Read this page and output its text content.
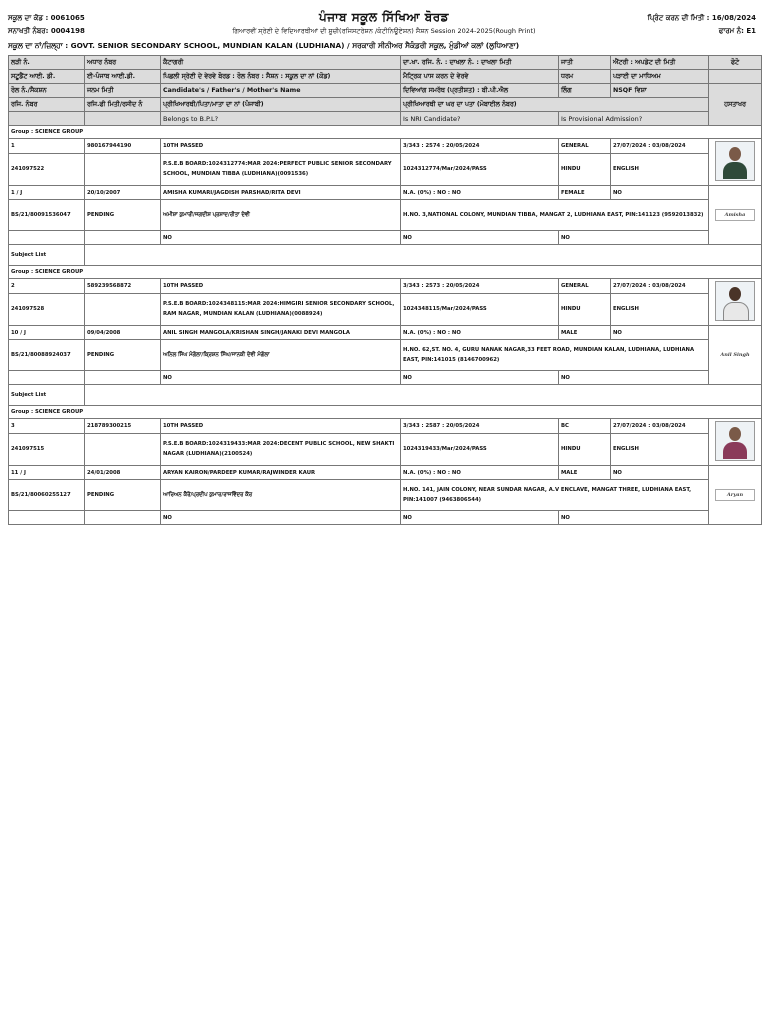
ਸਕੂਲ ਦਾ ਕੋਡ : 0061065
ਸਨਾਖਤੀ ਨੰਬਰ: 0004198
ਪੰਜਾਬ ਸਕੂਲ ਸਿੱਖਿਆ ਬੋਰਡ
ਗਿਆਰਵੀਂ ਸ੍ਰੇਣੀ ਦੇ ਵਿਦਿਆਰਥੀਆਂ ਦੀ ਸੂਚੀ(ਰਜਿਸਟਰੇਸ਼ਨ /ਕੰਟੀਨਿਊਏਸ਼ਨ) ਸੈਸ਼ਨ Session 2024-2025(Rough Print)
ਪ੍ਰਿੰਟ ਕਰਨ ਦੀ ਮਿਤੀ : 16/08/2024
ਫਾਰਮ ਨੰ: E1
ਸਕੂਲ ਦਾ ਨਾਂ/ਜ਼ਿਲ੍ਹਾ : GOVT. SENIOR SECONDARY SCHOOL, MUNDIAN KALAN (LUDHIANA) / ਸਰਕਾਰੀ ਸੀਨੀਅਰ ਸੈਕੰਡਰੀ ਸਕੂਲ, ਮੁੰਡੀਆਂ ਕਲਾਂ (ਲੁਧਿਆਣਾ)
ਲੜੀ ਨੰ.	ਅਧਾਰ ਨੰਬਰ	ਕੈਟਾਗਰੀ	ਦਾ.ਖਾ. ਰਜਿ. ਨੰ. : ਦਾਖਲਾ ਨੰ. : ਦਾਖਲਾ ਮਿਤੀ	ਜਾਤੀ	ਐਂਟਰੀ : ਅਪਡੇਟ ਦੀ ਮਿਤੀ	ਫੋਟੋ
ਸਟੂਡੈਂਟ ਆਈ. ਡੀ.	ਈ-ਪੰਜਾਬ ਆਈ.ਡੀ.	ਪਿਛਲੀ ਸ੍ਰੇਣੀ ਦੇ ਵੇਰਵੇ ਬੋਰਡ : ਰੋਲ ਨੰਬਰ : ਸੈਸ਼ਨ : ਸਕੂਲ ਦਾ ਨਾਂ (ਕੋਡ)	ਮੈਟ੍ਰਿਕ ਪਾਸ ਕਰਨ ਦੇ ਵੇਰਵੇ	ਧਰਮ	ਪੜਾਈ ਦਾ ਮਾਧਿਅਮ	
ਰੋਲ ਨੰ./ਸੈਕਸ਼ਨ	ਜਨਮ ਮਿਤੀ	Candidate's / Father's / Mother's Name	ਦਿਵਿਆਂਗ ਸਮਰੱਥ (ਪ੍ਰਤੀਸ਼ਤ) : ਬੀ.ਪੀ.ਐਲ	ਲਿੰਗ	NSQF ਵਿਸ਼ਾ	ਹਸਤਾਖਰ
ਰਜਿ. ਨੰਬਰ	ਰਜਿ.ਫੀ ਮਿਤੀ/ਰਸੀਦ ਨੰ	ਪ੍ਰੀਖਿਆਰਥੀ/ਪਿਤਾ/ਮਾਤਾ ਦਾ ਨਾਂ (ਪੰਜਾਬੀ)	ਪ੍ਰੀਖਿਆਰਥੀ ਦਾ ਘਰ ਦਾ ਪਤਾ (ਮੋਬਾਈਲ ਨੰਬਰ)			
		Belongs to B.P.L?	Is NRI Candidate?	Is Provisional Admission?		
Group : SCIENCE GROUP						
1	980167944190	10TH PASSED	3/343 : 2574 : 20/05/2024	GENERAL	27/07/2024 : 03/08/2024	

241097522		P.S.E.B BOARD:1024312774:MAR 2024:PERFECT PUBLIC SENIOR SECONDARY SCHOOL, MUNDIAN TIBBA (LUDHIANA)(0091536)	1024312774/Mar/2024/PASS	HINDU	ENGLISH	
1 / J	20/10/2007	AMISHA KUMARI/JAGDISH PARSHAD/RITA DEVI	N.A. (0%) : NO : NO	FEMALE	NO	Amisha
BS/21/80091536047	PENDING	ਅਮੀਸ਼ਾ ਕੁਮਾਰੀ/ਜਗਦੀਸ਼ ਪ੍ਰਸ਼ਾਦ/ਰੀਤਾ ਦੇਵੀ	H.NO. 3,NATIONAL COLONY, MUNDIAN TIBBA, MANGAT 2, LUDHIANA EAST, PIN:141123 (9592013832)			
		NO	NO	NO		
Subject List						
Group : SCIENCE GROUP						
2	589239568872	10TH PASSED	3/343 : 2573 : 20/05/2024	GENERAL	27/07/2024 : 03/08/2024	

241097528		P.S.E.B BOARD:1024348115:MAR 2024:HIMGIRI SENIOR SECONDARY SCHOOL, RAM NAGAR, MUNDIAN KALAN (LUDHIANA)(0088924)	1024348115/Mar/2024/PASS	HINDU	ENGLISH	
10 / J	09/04/2008	ANIL SINGH MANGOLA/KRISHAN SINGH/JANAKI DEVI MANGOLA	N.A. (0%) : NO : NO	MALE	NO	Anil Singh
BS/21/80088924037	PENDING	ਅਨਿਲ ਸਿੰਘ ਮੰਗੋਲਾ/ਕ੍ਰਿਸ਼ਨ ਸਿੰਘ/ਜਾਨਕੀ ਦੇਵੀ ਮੰਗੋਲਾ	H.NO. 62,ST. NO. 4, GURU NANAK NAGAR,33 FEET ROAD, MUNDIAN KALAN, LUDHIANA, LUDHIANA EAST, PIN:141015 (8146700962)			
		NO	NO	NO		
Subject List						
Group : SCIENCE GROUP						
3	218789300215	10TH PASSED	3/343 : 2587 : 20/05/2024	BC	27/07/2024 : 03/08/2024	

241097515		P.S.E.B BOARD:1024319433:MAR 2024:DECENT PUBLIC SCHOOL, NEW SHAKTI NAGAR (LUDHIANA)(2100524)	1024319433/Mar/2024/PASS	HINDU	ENGLISH	
11 / J	24/01/2008	ARYAN KAIRON/PARDEEP KUMAR/RAJWINDER KAUR	N.A. (0%) : NO : NO	MALE	NO	Aryan
BS/21/80060255127	PENDING	ਆਰਿਅਨ ਕੈਰੋਂ/ਪ੍ਰਦੀਪ ਕੁਮਾਰ/ਰਾਜਵਿੰਦਰ ਕੌਰ	H.NO. 141, JAIN COLONY, NEAR SUNDAR NAGAR, A.V ENCLAVE, MANGAT THREE, LUDHIANA EAST, PIN:141007 (9463806544)			
		NO	NO	NO		
